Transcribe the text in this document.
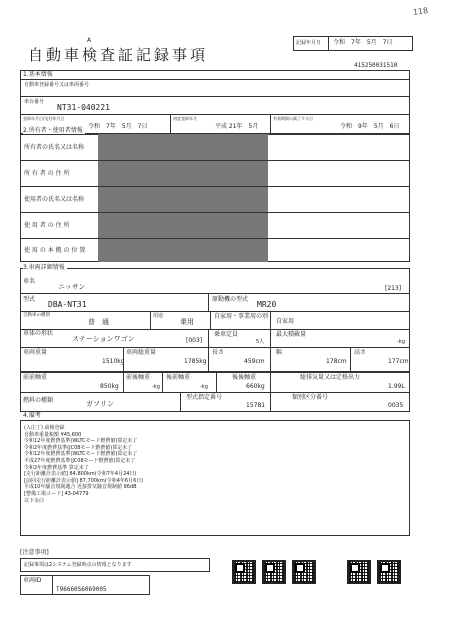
118
A	記録年月日 令和　7年　5月　7日
自動車検査証記録事項
415250031510
1.基本情報
自動車登録番号又は車両番号
車台番号
NT31-040221
登録年月日/交付年月日
令和　7年　5月　7日
初度登録年月
平成 21年　5月
有効期間の満了する日
令和　9年　5月　6日
2.所有者・使用者情報
所有者の氏名又は名称
所 有 者 の 住 所
使用者の氏名又は名称
使 用 者 の 住 所
使 用 の 本 拠 の 位 置
3.車両詳細情報
車名
ニッサン	[213]
型式
DBA-NT31
原動機の型式
MR20
自動車の種別
普　通
用途
乗用
自家用・事業用の別
自家用
車体の形状
ステーションワゴン	[003]
乗車定員
5人
最大積載量
-kg
車両重量
1510kg
車両総重量
1785kg
長さ
459cm
幅
178cm
高さ
177cm
前前軸重
850kg
前後軸重
-kg
後前軸重
-kg
後後軸重
660kg
総排気量又は定格出力
1.99L
燃料の種類	ガソリン
型式指定番号
15781
類別区分番号
0035
4.備考
(入庄丁) 前検登録
自動車重量税額 ¥45,600
令和12年度燃費基準(WLTCモード燃費値)算定未了
令和2年度燃費基準(JC08モード燃費値)算定未了
令和12年度燃費基準(WLTCモード燃費値)算定未了
平成27年度燃費基準(JC08モード燃費値)算定未了
令和2年度燃費基準 算定未了
[走行距離計表示値] 84,800km(令和7年4月24日)
[前回走行距離計表示値] 87,700km(令和4年6月6日)
平成10年騒音規制適合 近接排気騒音規制値 96dB
[整備工場コード] 43-04779
以下余白
[注意事項]
記録事項は2システム登録時点の情報となります
車両ID
T96660S6069005
